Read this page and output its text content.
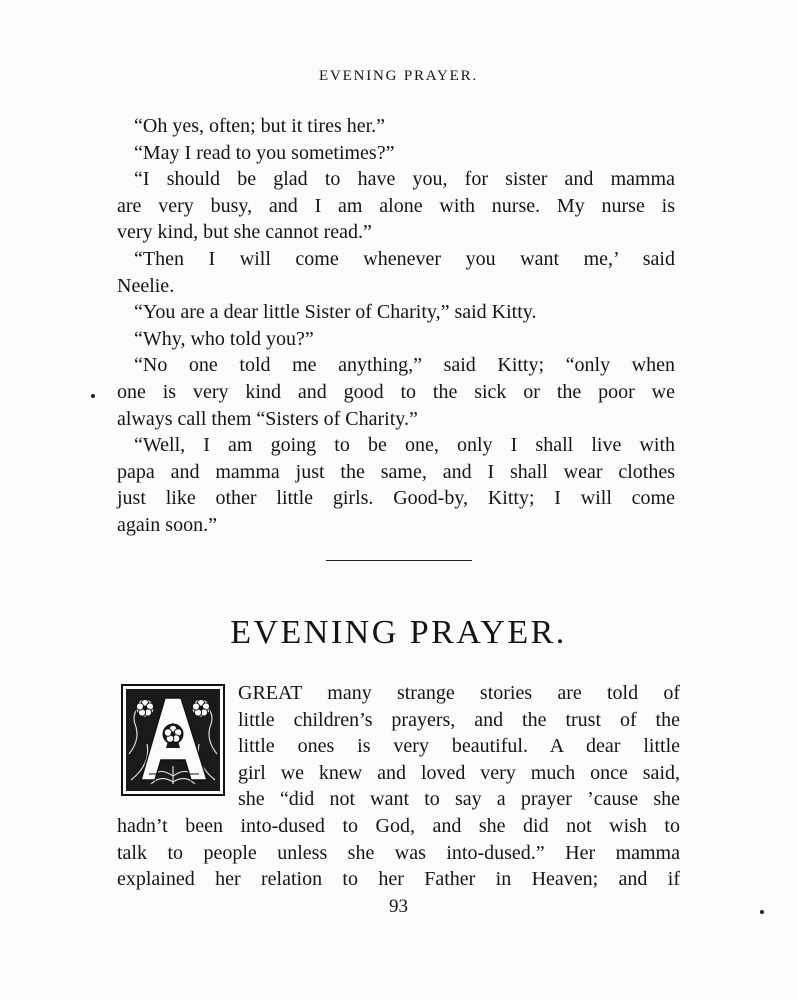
EVENING PRAYER.
“Oh yes, often; but it tires her.”
“May I read to you sometimes?”
“I should be glad to have you, for sister and mamma
are very busy, and I am alone with nurse. My nurse is
very kind, but she cannot read.”
“Then I will come whenever you want me,’ said
Neelie.
“You are a dear little Sister of Charity,” said Kitty.
“Why, who told you?”
“No one told me anything,” said Kitty; “only when
one is very kind and good to the sick or the poor we
always call them “Sisters of Charity.”
“Well, I am going to be one, only I shall live with
papa and mamma just the same, and I shall wear clothes
just like other little girls. Good-by, Kitty; I will come
again soon.”
EVENING PRAYER.
GREAT many strange stories are told of
little children’s prayers, and the trust of the
little ones is very beautiful. A dear little
girl we knew and loved very much once said,
she “did not want to say a prayer ’cause she
hadn’t been into-dused to God, and she did not wish to
talk to people unless she was into-dused.” Her mamma
explained her relation to her Father in Heaven; and if
93
